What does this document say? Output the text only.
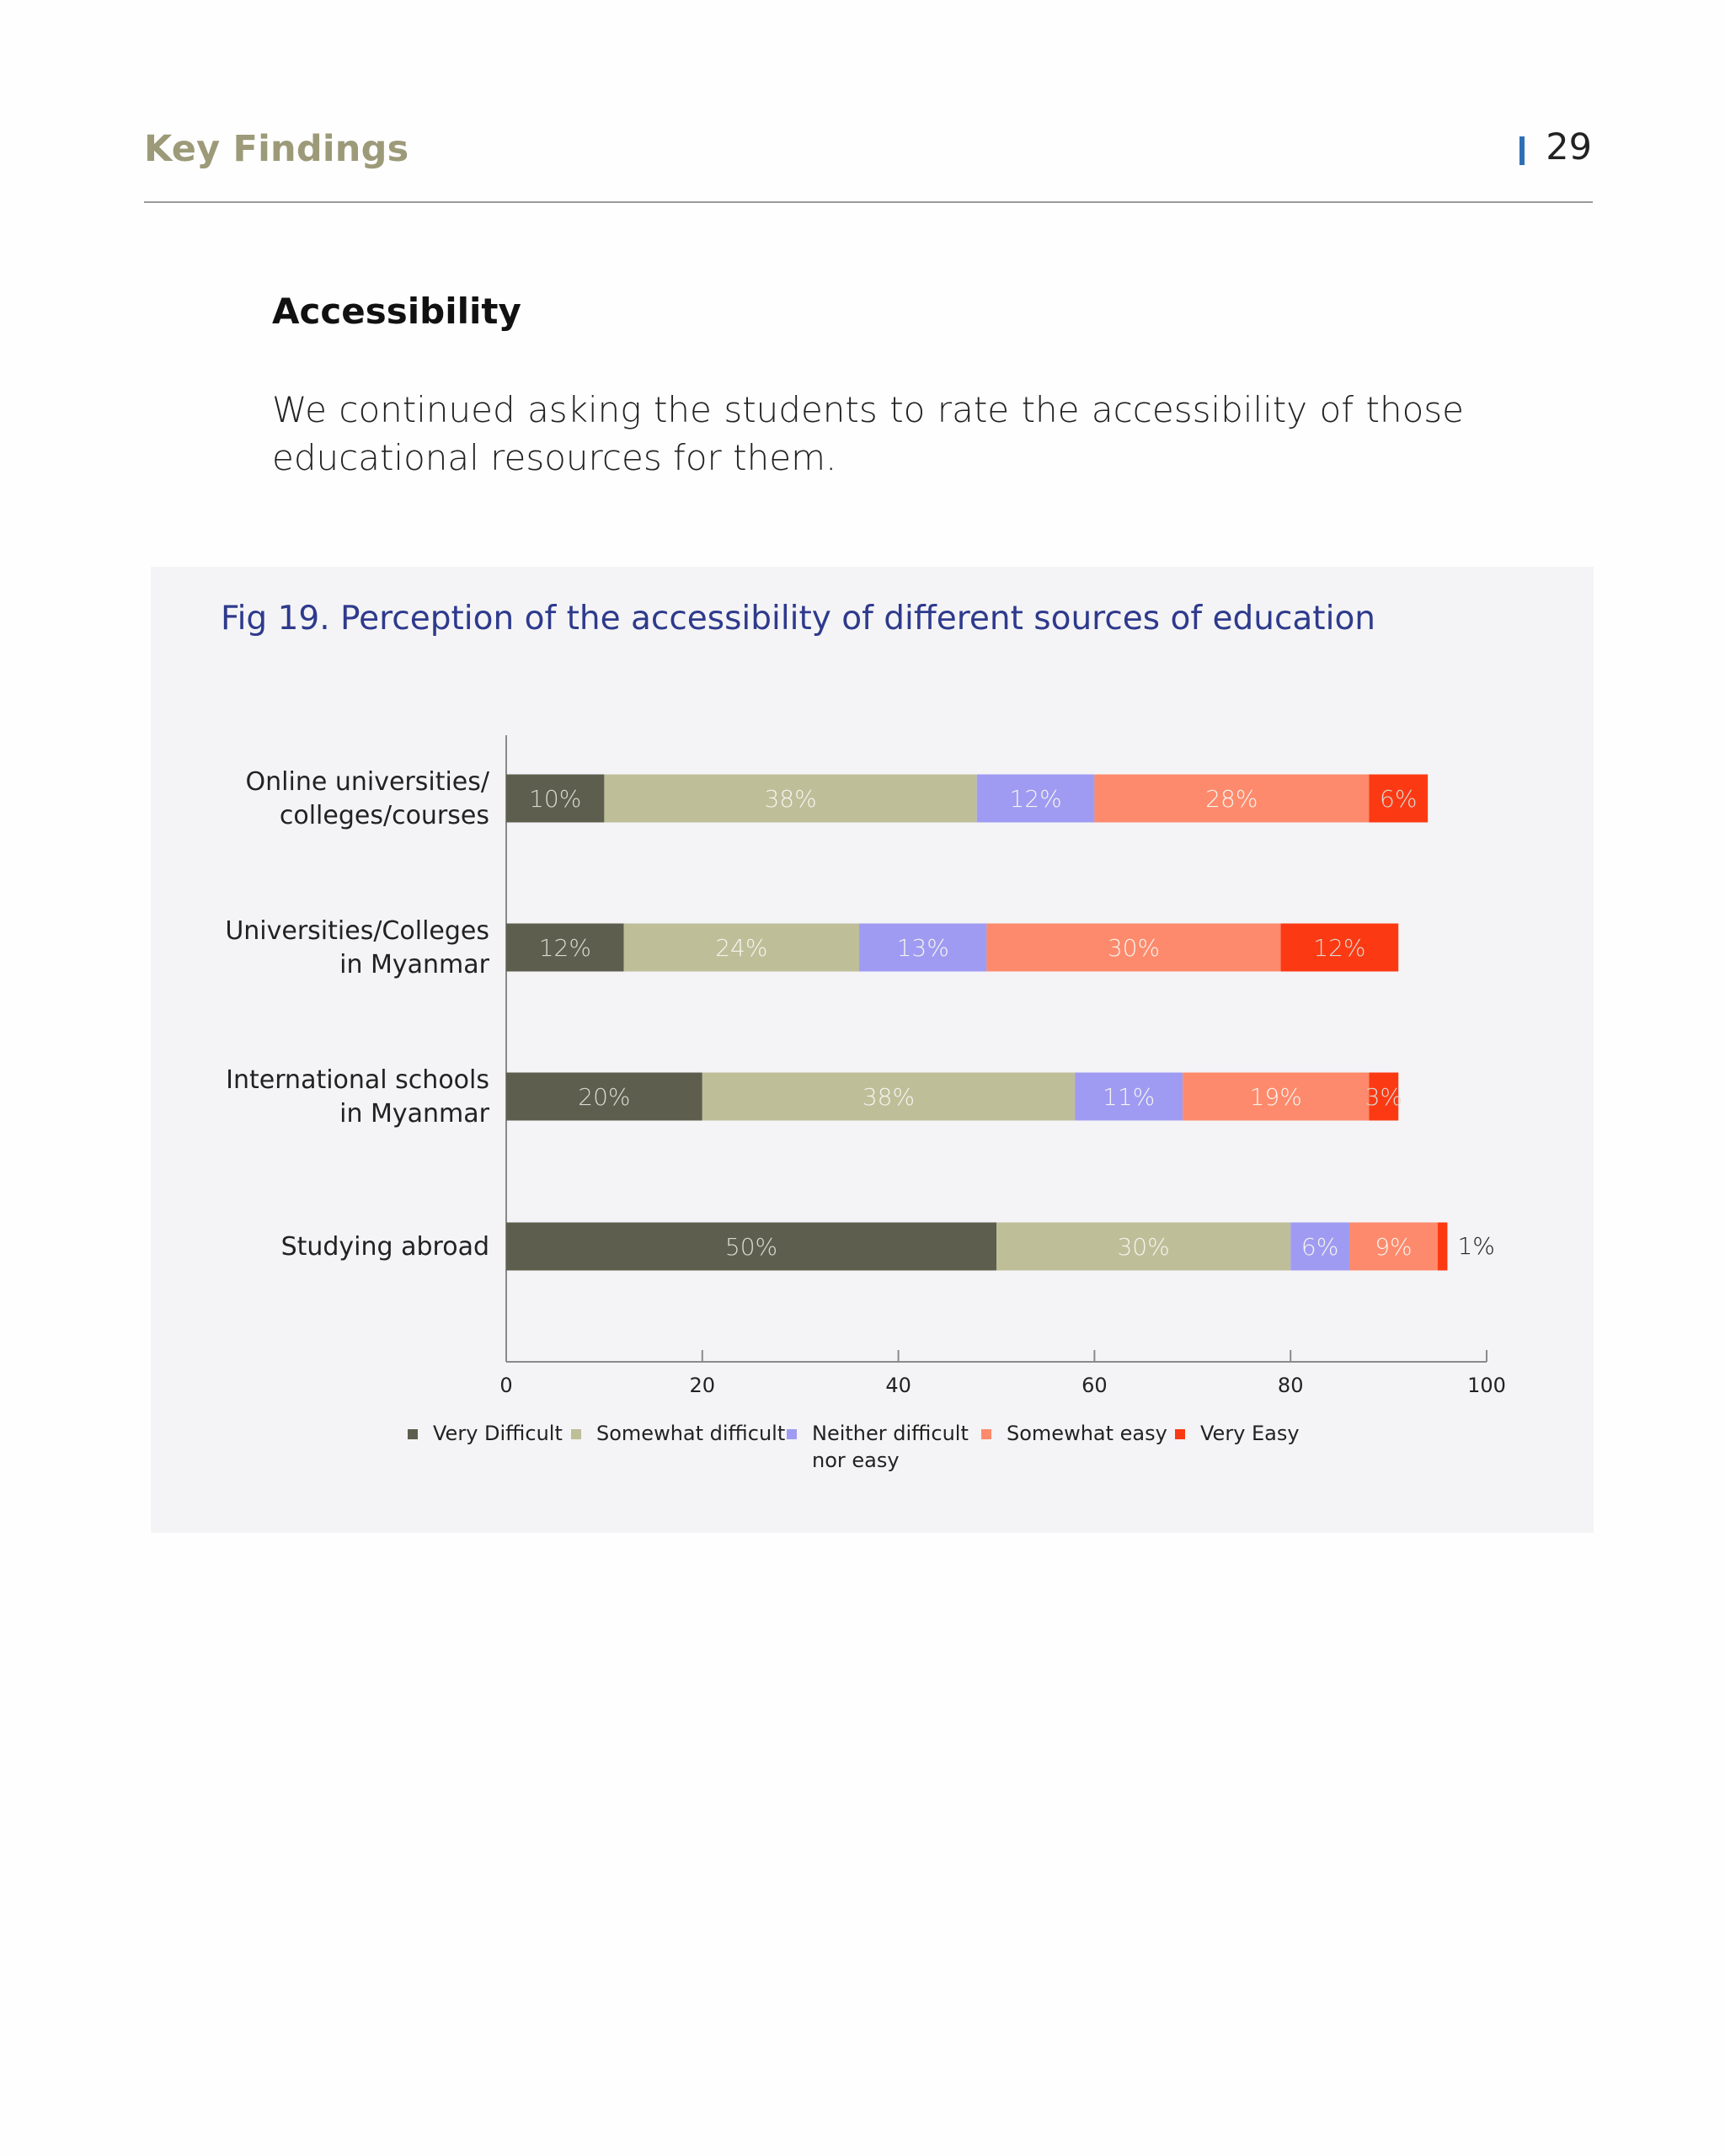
Key Findings	29
Accessibility
We continued asking the students to rate the accessibility of those educational resources for them.
Fig 19. Perception of the accessibility of different sources of education
0	20	40	60	80	100
Online universities/
colleges/courses
10%	38%	12%	28%	6%
Universities/Colleges
in Myanmar
12%	24%	13%	30%	12%
International schools
in Myanmar
20%	38%	11%	19%	3%
Studying abroad	50%	30%	6% 9% 1%
Very Difficult Somewhat difficult Neither difficult
nor easy
Somewhat easy Very Easy
